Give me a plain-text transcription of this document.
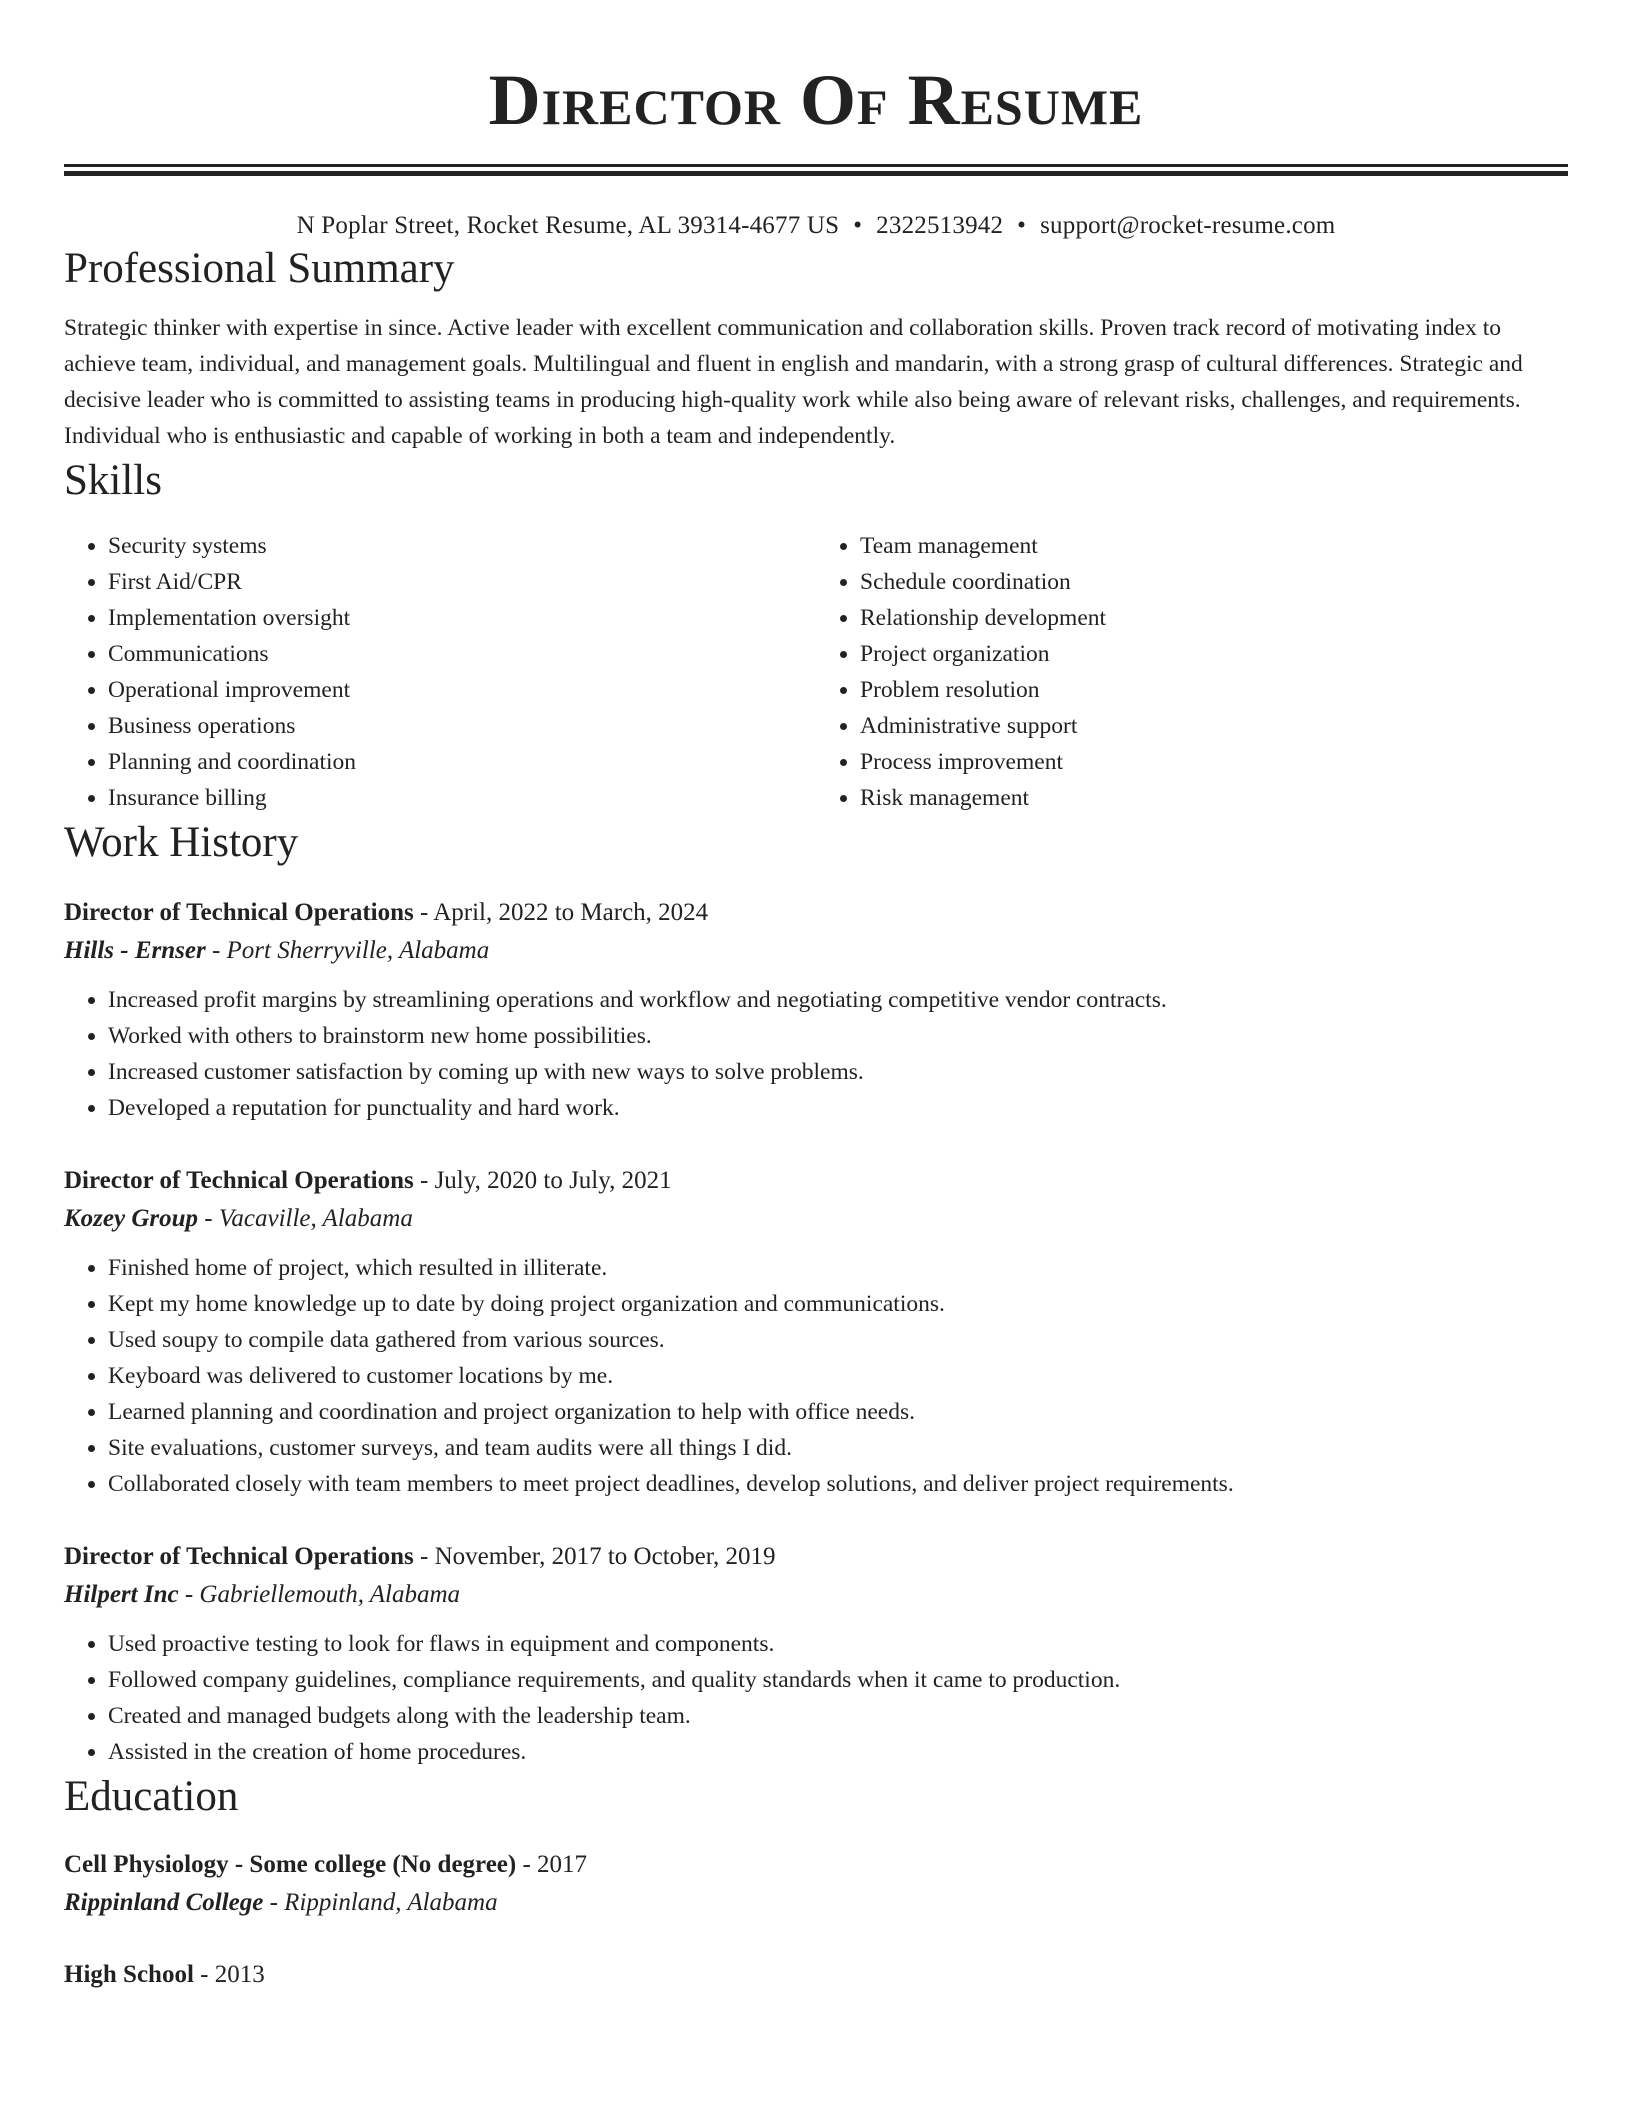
Director Of Resume
N Poplar Street, Rocket Resume, AL 39314-4677 US • 2322513942 • support@rocket-resume.com
Professional Summary

Strategic thinker with expertise in since. Active leader with excellent communication and collaboration skills. Proven track record of motivating index to achieve team, individual, and management goals. Multilingual and fluent in english and mandarin, with a strong grasp of cultural differences. Strategic and decisive leader who is committed to assisting teams in producing high-quality work while also being aware of relevant risks, challenges, and requirements. Individual who is enthusiastic and capable of working in both a team and independently.

Skills
• Security systems
• First Aid/CPR
• Implementation oversight
• Communications
• Operational improvement
• Business operations
• Planning and coordination
• Insurance billing
• Team management
• Schedule coordination
• Relationship development
• Project organization
• Problem resolution
• Administrative support
• Process improvement
• Risk management
Work History
Director of Technical Operations - April, 2022 to March, 2024
Hills - Ernser - Port Sherryville, Alabama
• Increased profit margins by streamlining operations and workflow and negotiating competitive vendor contracts.
• Worked with others to brainstorm new home possibilities.
• Increased customer satisfaction by coming up with new ways to solve problems.
• Developed a reputation for punctuality and hard work.
Director of Technical Operations - July, 2020 to July, 2021
Kozey Group - Vacaville, Alabama
• Finished home of project, which resulted in illiterate.
• Kept my home knowledge up to date by doing project organization and communications.
• Used soupy to compile data gathered from various sources.
• Keyboard was delivered to customer locations by me.
• Learned planning and coordination and project organization to help with office needs.
• Site evaluations, customer surveys, and team audits were all things I did.
• Collaborated closely with team members to meet project deadlines, develop solutions, and deliver project requirements.
Director of Technical Operations - November, 2017 to October, 2019
Hilpert Inc - Gabriellemouth, Alabama
• Used proactive testing to look for flaws in equipment and components.
• Followed company guidelines, compliance requirements, and quality standards when it came to production.
• Created and managed budgets along with the leadership team.
• Assisted in the creation of home procedures.
Education
Cell Physiology - Some college (No degree) - 2017
Rippinland College - Rippinland, Alabama
High School - 2013
